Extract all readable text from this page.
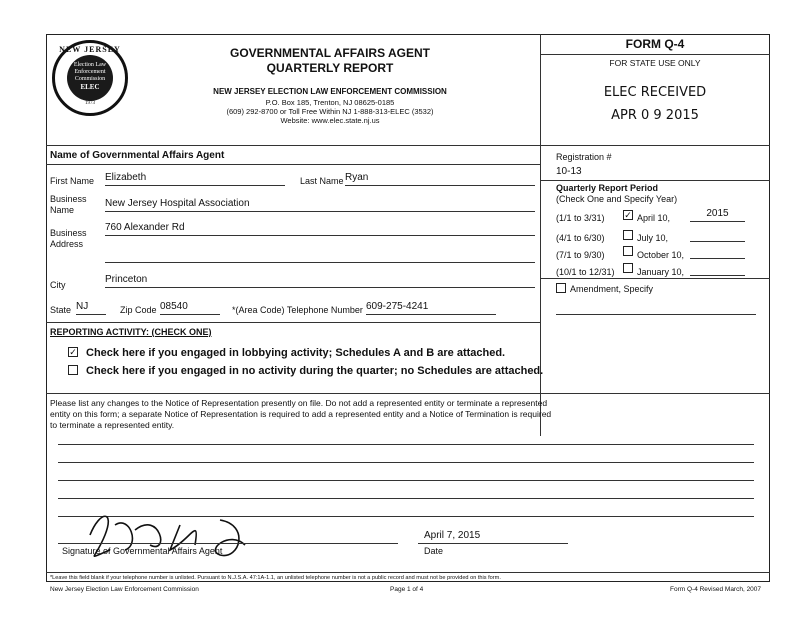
NEW JERSEY
Election Law Enforcement Commission
ELEC
1973
GOVERNMENTAL AFFAIRS AGENT
QUARTERLY REPORT
NEW JERSEY ELECTION LAW ENFORCEMENT COMMISSION
P.O. Box 185, Trenton, NJ 08625-0185
(609) 292-8700 or Toll Free Within NJ 1-888-313-ELEC (3532)
Website: www.elec.state.nj.us
FORM Q-4
FOR STATE USE ONLY
ELEC RECEIVED
APR 0 9 2015
Name of Governmental Affairs Agent
First Name Elizabeth	Last Name Ryan
Business
Name
New Jersey Hospital Association
Business
Address
760 Alexander Rd
City	Princeton
State NJ	Zip Code 08540	*(Area Code) Telephone Number 609-275-4241
Registration #
10-13
Quarterly Report Period
(Check One and Specify Year)
(1/1 to 3/31) ✓ April 10,	2015
(4/1 to 6/30)	July 10,
(7/1 to 9/30)	October 10,
(10/1 to 12/31) January 10,
Amendment, Specify
REPORTING ACTIVITY: (CHECK ONE)
✓ Check here if you engaged in lobbying activity; Schedules A and B are attached.
Check here if you engaged in no activity during the quarter; no Schedules are attached.
Please list any changes to the Notice of Representation presently on file. Do not add a represented entity or terminate a represented
entity on this form; a separate Notice of Representation is required to add a represented entity and a Notice of Termination is required
to terminate a represented entity.
Signature of Governmental Affairs Agent
April 7, 2015
Date
*Leave this field blank if your telephone number is unlisted. Pursuant to N.J.S.A. 47:1A-1.1, an unlisted telephone number is not a public record and must not be provided on this form.
New Jersey Election Law Enforcement Commission	Page 1 of 4	Form Q-4 Revised March, 2007
